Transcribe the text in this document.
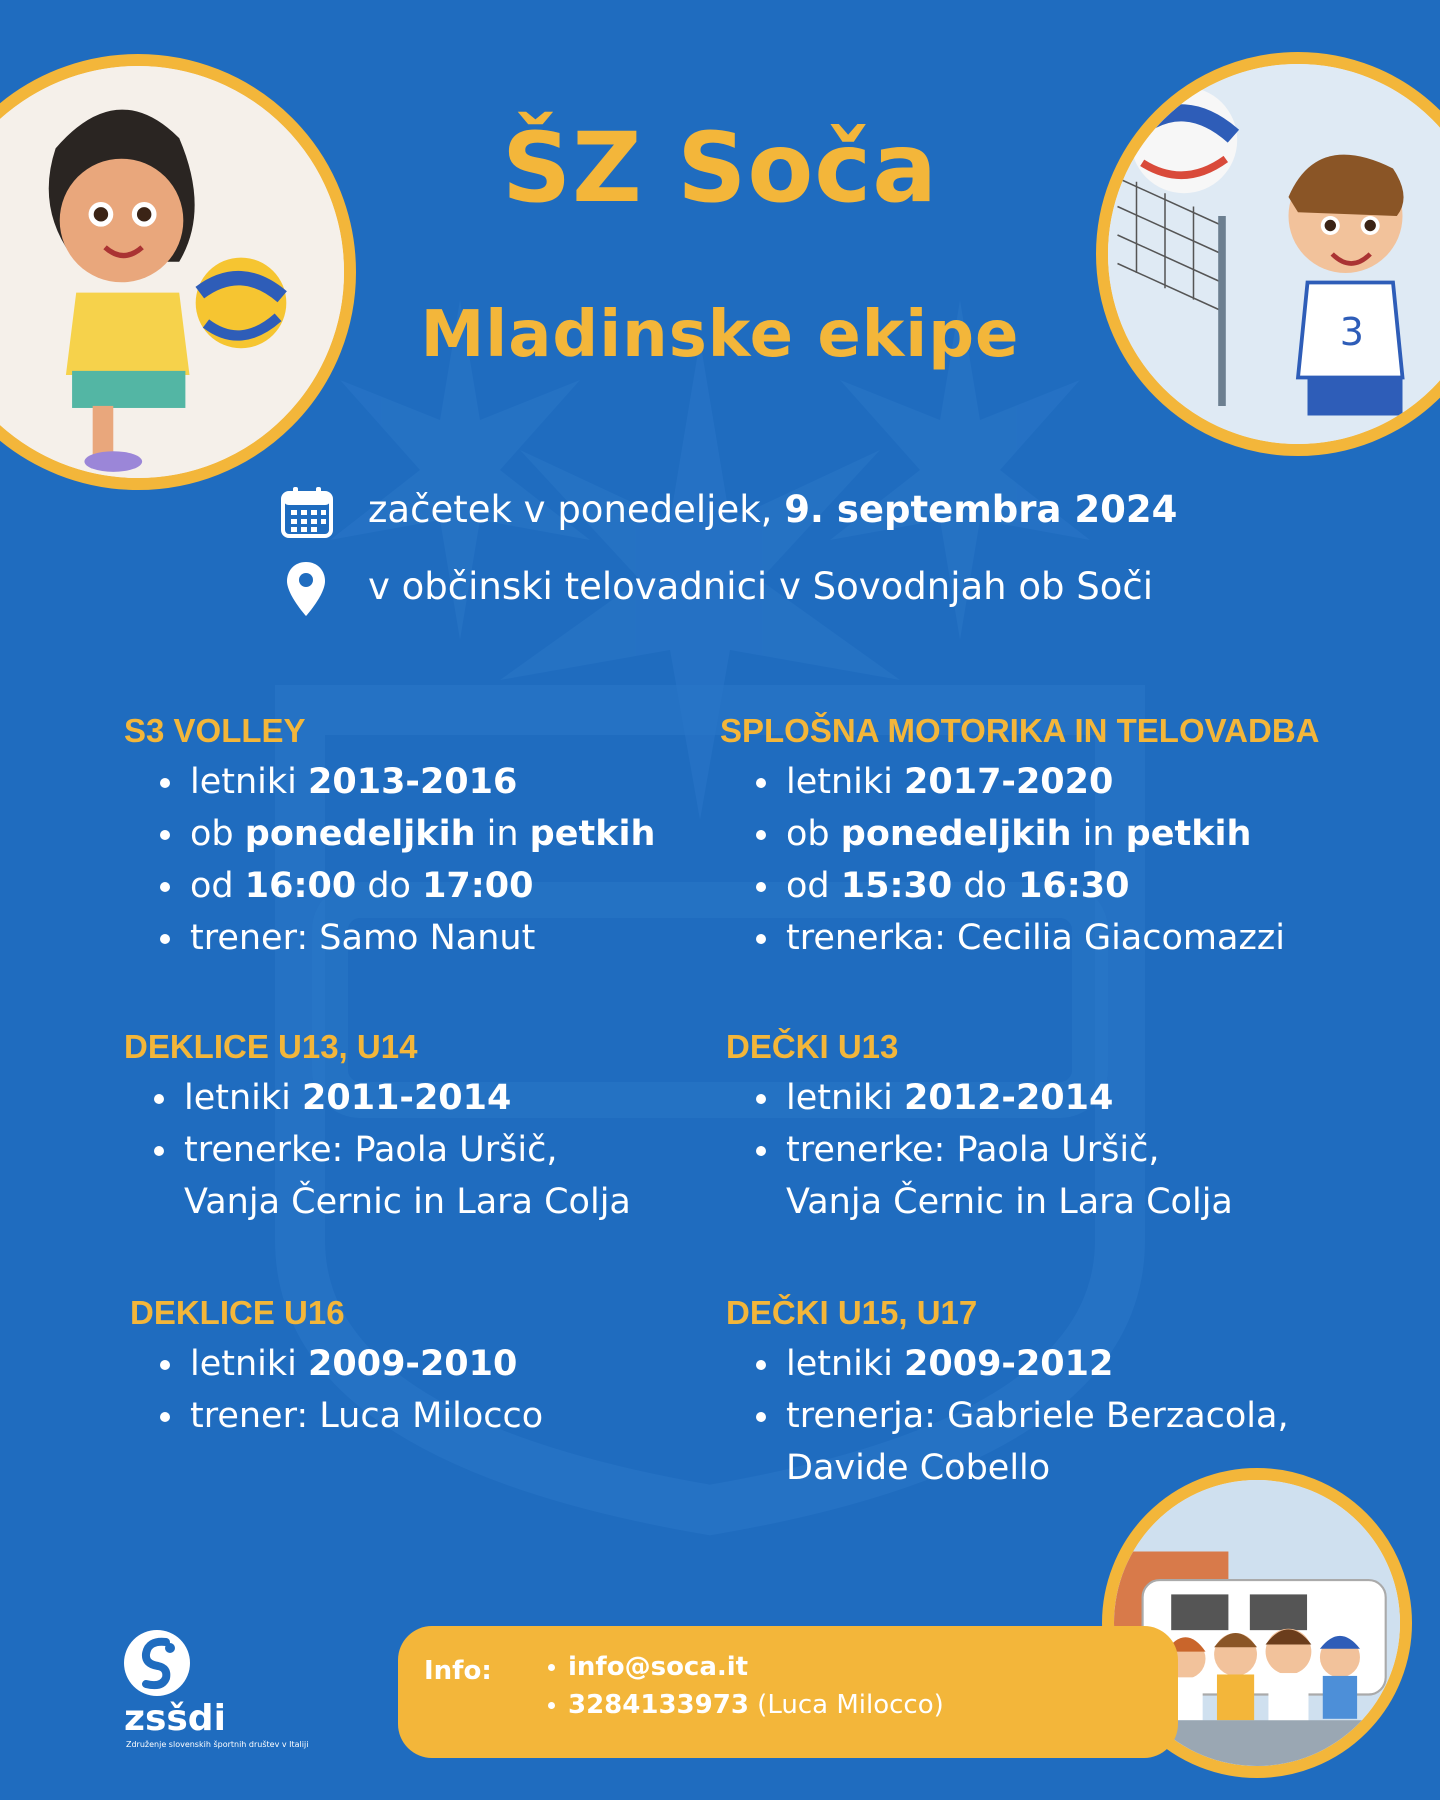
3
ŠZ Soča
Mladinske ekipe
začetek v ponedeljek, 9. septembra 2024
v občinski telovadnici v Sovodnjah ob Soči
S3 VOLLEY
letniki 2013-2016
ob ponedeljkih in petkih
od 16:00 do 17:00
trener: Samo Nanut
SPLOŠNA MOTORIKA IN TELOVADBA
letniki 2017-2020
ob ponedeljkih in petkih
od 15:30 do 16:30
trenerka: Cecilia Giacomazzi
DEKLICE U13, U14
letniki 2011-2014
trenerke: Paola Uršič,
Vanja Černic in Lara Colja
DEČKI U13
letniki 2012-2014
trenerke: Paola Uršič,
Vanja Černic in Lara Colja
DEKLICE U16
letniki 2009-2010
trener: Luca Milocco
DEČKI U15, U17
letniki 2009-2012
trenerja: Gabriele Berzacola,
Davide Cobello
zsšdi
Združenje slovenskih športnih društev v Italiji
Info:	info@soca.it
3284133973 (Luca Milocco)
